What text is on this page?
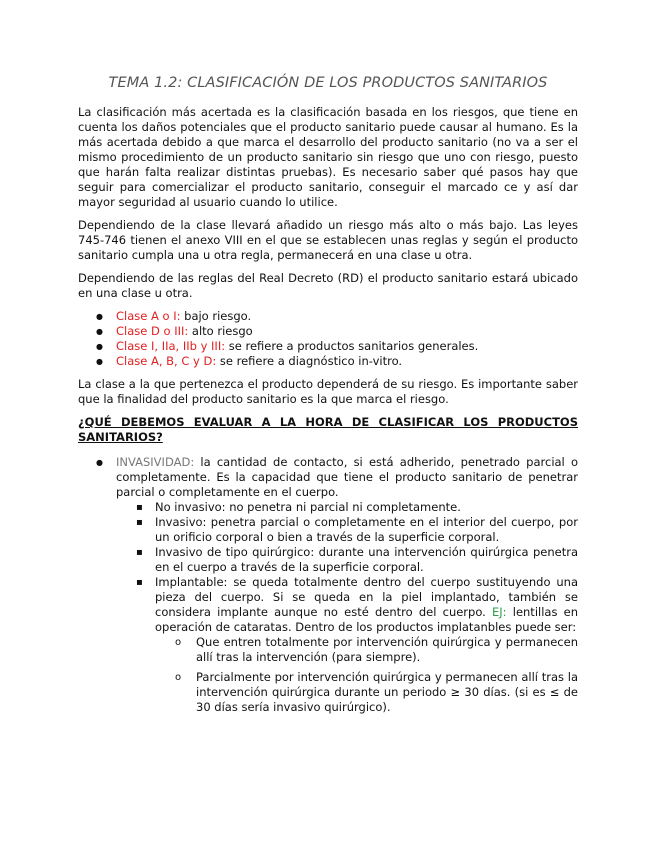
TEMA 1.2: CLASIFICACIÓN DE LOS PRODUCTOS SANITARIOS

La clasificación más acertada es la clasificación basada en los riesgos, que tiene en cuenta los daños potenciales que el producto sanitario puede causar al humano. Es la más acertada debido a que marca el desarrollo del producto sanitario (no va a ser el mismo procedimiento de un producto sanitario sin riesgo que uno con riesgo, puesto que harán falta realizar distintas pruebas). Es necesario saber qué pasos hay que seguir para comercializar el producto sanitario, conseguir el marcado ce y así dar mayor seguridad al usuario cuando lo utilice.

Dependiendo de la clase llevará añadido un riesgo más alto o más bajo. Las leyes 745-746 tienen el anexo VIII en el que se establecen unas reglas y según el producto sanitario cumpla una u otra regla, permanecerá en una clase u otra.

Dependiendo de las reglas del Real Decreto (RD) el producto sanitario estará ubicado en una clase u otra.

● Clase A o I: bajo riesgo.
● Clase D o III: alto riesgo
● Clase I, IIa, IIb y III: se refiere a productos sanitarios generales.
● Clase A, B, C y D: se refiere a diagnóstico in-vitro.

La clase a la que pertenezca el producto dependerá de su riesgo. Es importante saber que la finalidad del producto sanitario es la que marca el riesgo.

¿QUÉ DEBEMOS EVALUAR A LA HORA DE CLASIFICAR LOS PRODUCTOS SANITARIOS?
● INVASIVIDAD: la cantidad de contacto, si está adherido, penetrado parcial o completamente. Es la capacidad que tiene el producto sanitario de penetrar parcial o completamente en el cuerpo.
▪ No invasivo: no penetra ni parcial ni completamente.
▪ Invasivo: penetra parcial o completamente en el interior del cuerpo, por un orificio corporal o bien a través de la superficie corporal.
▪ Invasivo de tipo quirúrgico: durante una intervención quirúrgica penetra en el cuerpo a través de la superficie corporal.
▪ Implantable: se queda totalmente dentro del cuerpo sustituyendo una pieza del cuerpo. Si se queda en la piel implantado, también se considera implante aunque no esté dentro del cuerpo. EJ: lentillas en operación de cataratas. Dentro de los productos implatanbles puede ser:
o Que entren totalmente por intervención quirúrgica y permanecen allí tras la intervención (para siempre).
o Parcialmente por intervención quirúrgica y permanecen allí tras la intervención quirúrgica durante un periodo ≥ 30 días. (si es ≤ de 30 días sería invasivo quirúrgico).
